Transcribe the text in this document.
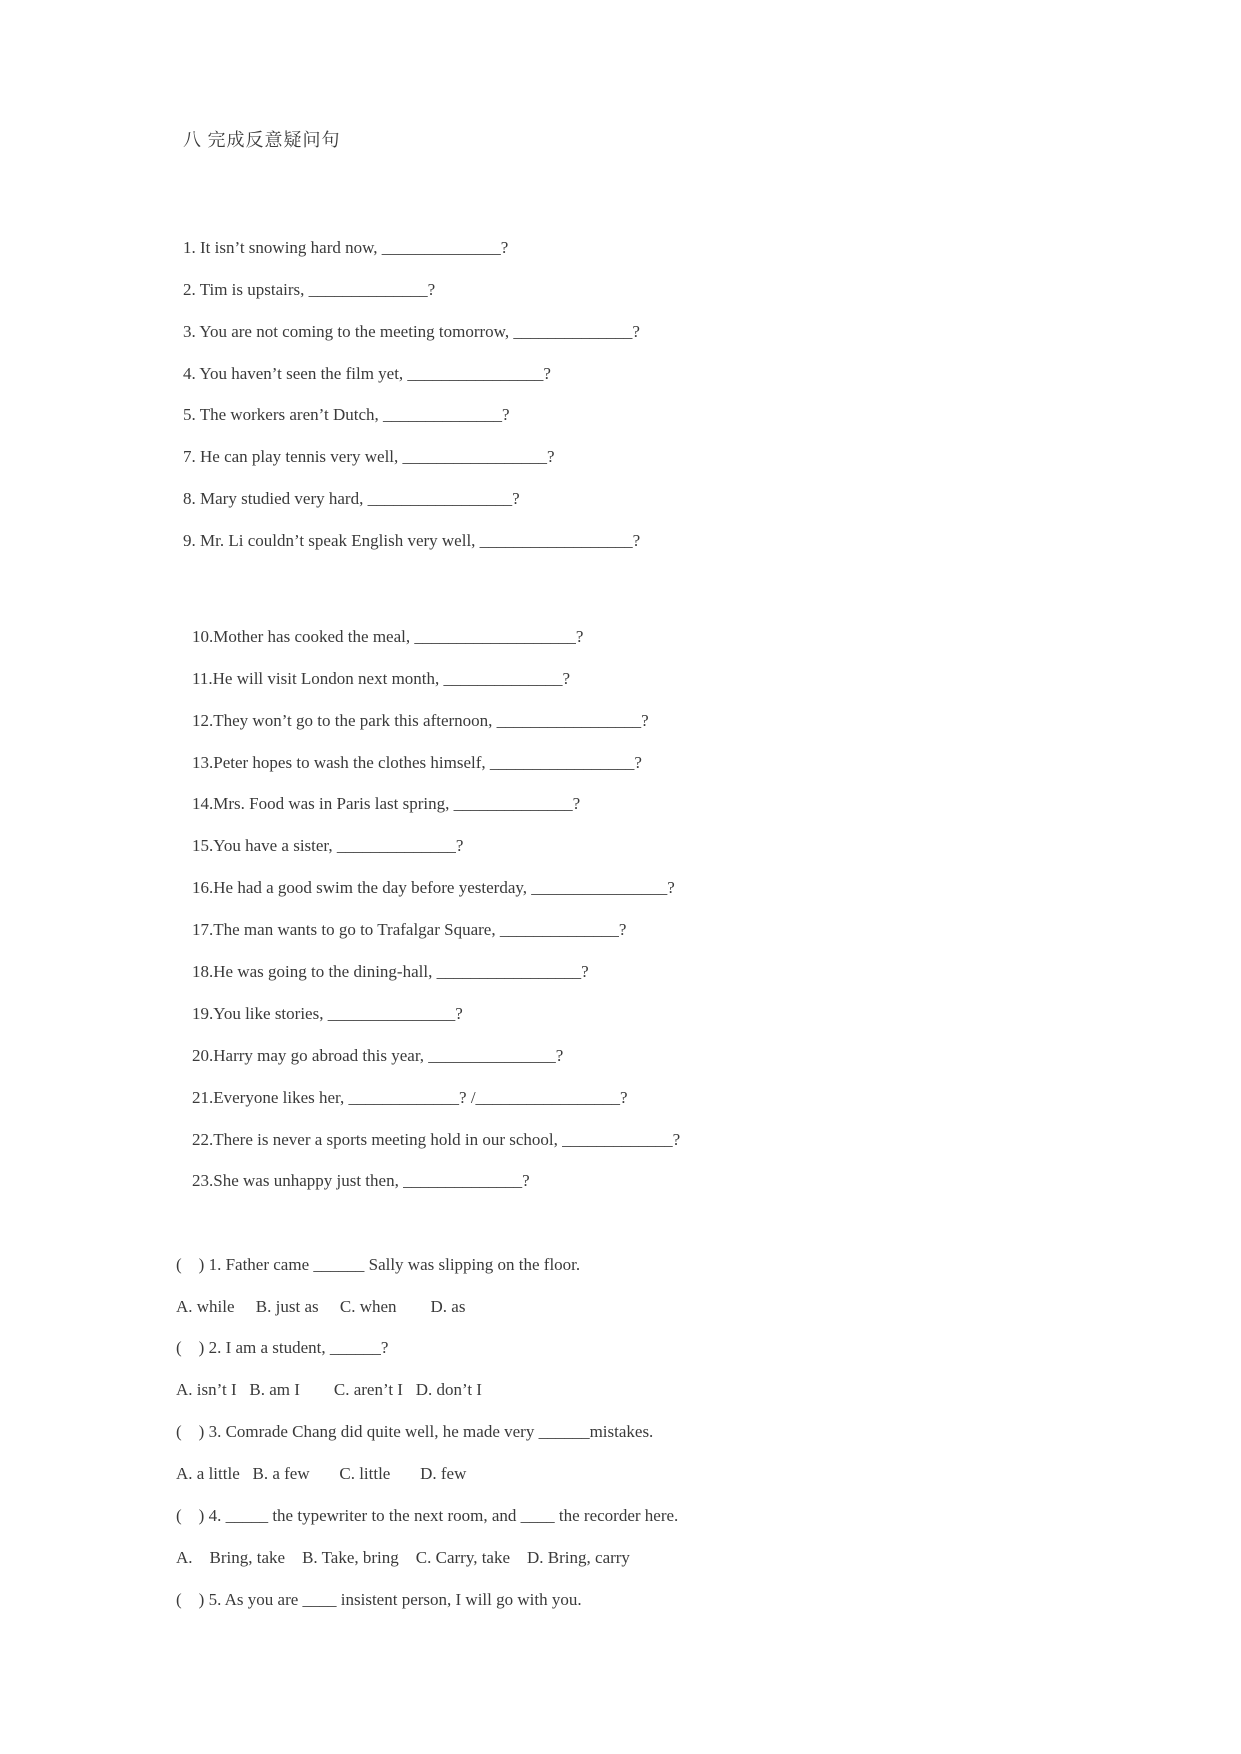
八 完成反意疑问句
1. It isn’t snowing hard now, ______________?
2. Tim is upstairs, ______________?
3. You are not coming to the meeting tomorrow, ______________?
4. You haven’t seen the film yet, ________________?
5. The workers aren’t Dutch, ______________?
7. He can play tennis very well, _________________?
8. Mary studied very hard, _________________?
9. Mr. Li couldn’t speak English very well, __________________?
10.Mother has cooked the meal, ___________________?
11.He will visit London next month, ______________?
12.They won’t go to the park this afternoon, _________________?
13.Peter hopes to wash the clothes himself, _________________?
14.Mrs. Food was in Paris last spring, ______________?
15.You have a sister, ______________?
16.He had a good swim the day before yesterday, ________________?
17.The man wants to go to Trafalgar Square, ______________?
18.He was going to the dining-hall, _________________?
19.You like stories, _______________?
20.Harry may go abroad this year, _______________?
21.Everyone likes her, _____________? /_________________?
22.There is never a sports meeting hold in our school, _____________?
23.She was unhappy just then, ______________?
(    ) 1. Father came ______ Sally was slipping on the floor.
A. while     B. just as     C. when        D. as
(    ) 2. I am a student, ______?
A. isn’t I   B. am I        C. aren’t I   D. don’t I
(    ) 3. Comrade Chang did quite well, he made very ______mistakes.
A. a little   B. a few       C. little       D. few
(    ) 4. _____ the typewriter to the next room, and ____ the recorder here.
A.    Bring, take    B. Take, bring    C. Carry, take    D. Bring, carry
(    ) 5. As you are ____ insistent person, I will go with you.
